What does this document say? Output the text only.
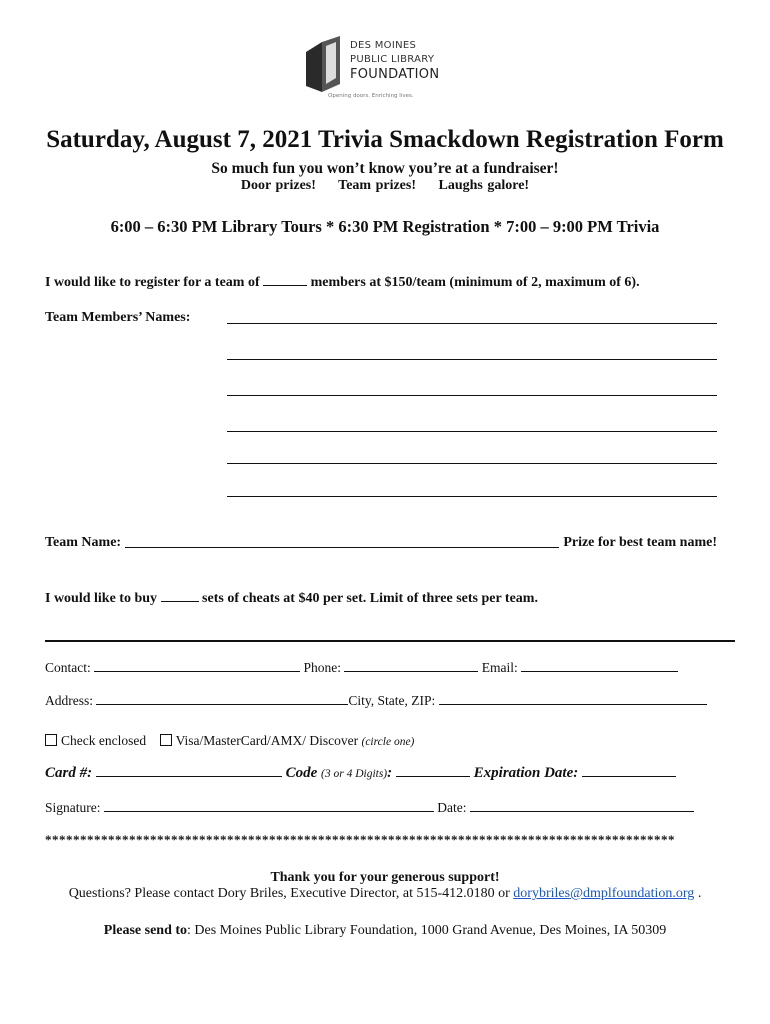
DES MOINES
PUBLIC LIBRARY
FOUNDATION
Opening doors. Enriching lives.
Saturday, August 7, 2021 Trivia Smackdown Registration Form
So much fun you won’t know you’re at a fundraiser!
Door prizes! Team prizes! Laughs galore!
6:00 – 6:30 PM Library Tours * 6:30 PM Registration * 7:00 – 9:00 PM Trivia
I would like to register for a team of	members at $150/team (minimum of 2, maximum of 6).
Team Members’ Names:
Team Name:	Prize for best team name!
I would like to buy	sets of cheats at $40 per set. Limit of three sets per team.
Contact:	Phone:	Email:
Address:	City, State, ZIP:
Check enclosed Visa/MasterCard/AMX/ Discover (circle one)
Card #:	Code (3 or 4 Digits):	Expiration Date:
Signature:	Date:
******************************************************************************************
Thank you for your generous support!
Questions? Please contact Dory Briles, Executive Director, at 515-412.0180 or dorybriles@dmplfoundation.org .
Please send to: Des Moines Public Library Foundation, 1000 Grand Avenue, Des Moines, IA 50309
